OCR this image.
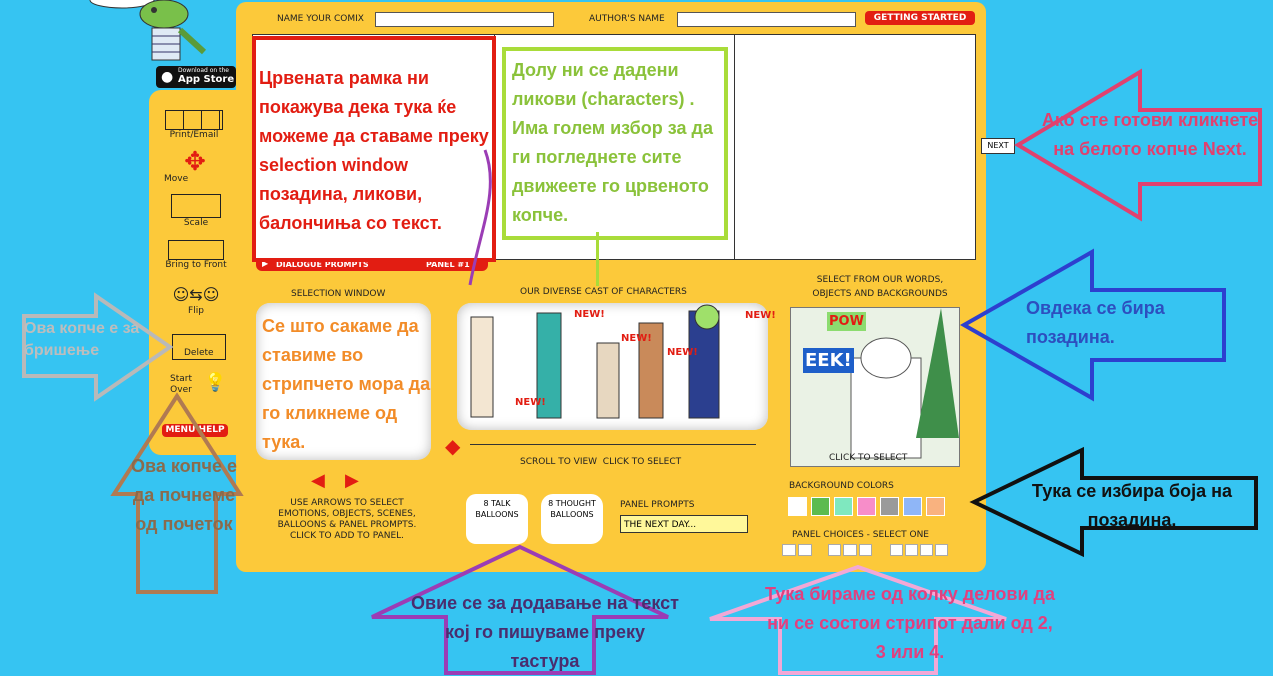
● Download on the
App Store
NAME YOUR COMIX	AUTHOR'S NAME	GETTING STARTED
▶ DIALOGUE PROMPTS	PANEL #1
NEXT
Print/Email
✥
Move
Scale
Bring to Front
☺⇆☺
Flip
Delete
Start Over 💡
MENU HELP
SELECTION WINDOW
◀ ▶
USE ARROWS TO SELECT EMOTIONS, OBJECTS, SCENES, BALLOONS & PANEL PROMPTS. CLICK TO ADD TO PANEL.
OUR DIVERSE CAST OF CHARACTERS
NEW!
NEW!
NEW!
NEW!
NEW!
◆
SCROLL TO VIEW  CLICK TO SELECT
SELECT FROM OUR WORDS, OBJECTS AND BACKGROUNDS
POW
EEK!
CLICK TO SELECT
8 TALK BALLOONS
8 THOUGHT BALLOONS
PANEL PROMPTS
THE NEXT DAY...
BACKGROUND COLORS
PANEL CHOICES - SELECT ONE
Црвената рамка ни покажува дека тука ќе можеме да ставаме преку selection window позадина, ликови, балончиња со текст.
Долу ни се дадени ликови (characters) . Има голем избор за да ги погледнете сите движеете го црвеното копче.
Се што сакаме да ставиме во стрипчето мора да го кликнеме од тука.
Ако сте готови кликнете на белото копче Next.
Овдека се бира позадина.
Ова копче е за бришење
Ова копче е да почнеме од почеток
Тука се избира боја на позадина.
Овие се за додавање на текст кој го пишуваме преку тастура
Тука бираме од колку делови да ни се состои стрипот дали од 2, 3 или 4.
